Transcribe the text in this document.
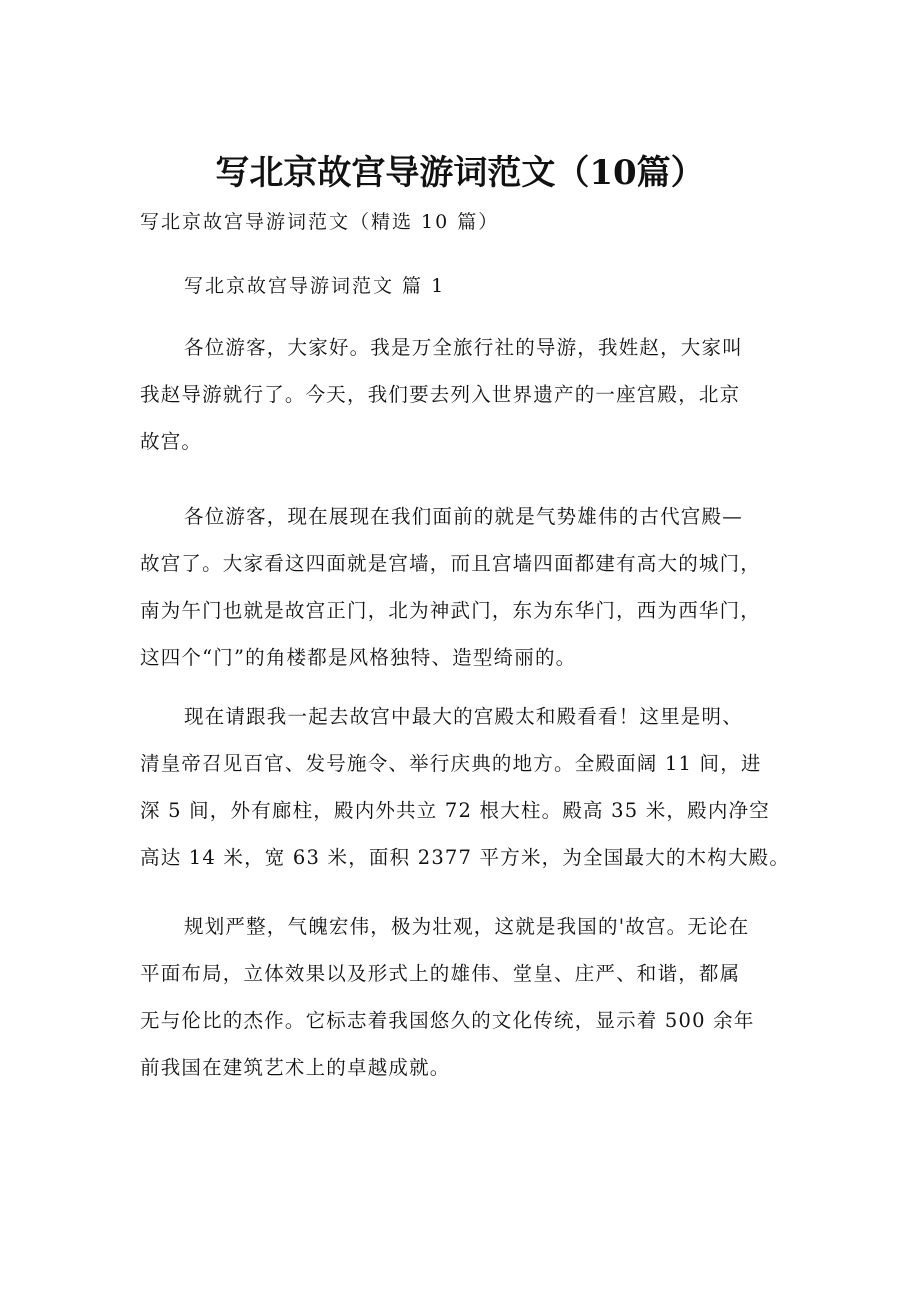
写北京故宫导游词范文（10篇）
写北京故宫导游词范文（精选 10 篇）
写北京故宫导游词范文 篇 1
各位游客，大家好。我是万全旅行社的导游，我姓赵，大家叫
我赵导游就行了。今天，我们要去列入世界遗产的一座宫殿，北京
故宫。
各位游客，现在展现在我们面前的就是气势雄伟的古代宫殿—
故宫了。大家看这四面就是宫墙，而且宫墙四面都建有高大的城门，
南为午门也就是故宫正门，北为神武门，东为东华门，西为西华门，
这四个“门”的角楼都是风格独特、造型绮丽的。
现在请跟我一起去故宫中最大的宫殿太和殿看看！这里是明、
清皇帝召见百官、发号施令、举行庆典的地方。全殿面阔 11 间，进
深 5 间，外有廊柱，殿内外共立 72 根大柱。殿高 35 米，殿内净空
高达 14 米，宽 63 米，面积 2377 平方米，为全国最大的木构大殿。
规划严整，气魄宏伟，极为壮观，这就是我国的'故宫。无论在
平面布局，立体效果以及形式上的雄伟、堂皇、庄严、和谐，都属
无与伦比的杰作。它标志着我国悠久的文化传统，显示着 500 余年
前我国在建筑艺术上的卓越成就。
